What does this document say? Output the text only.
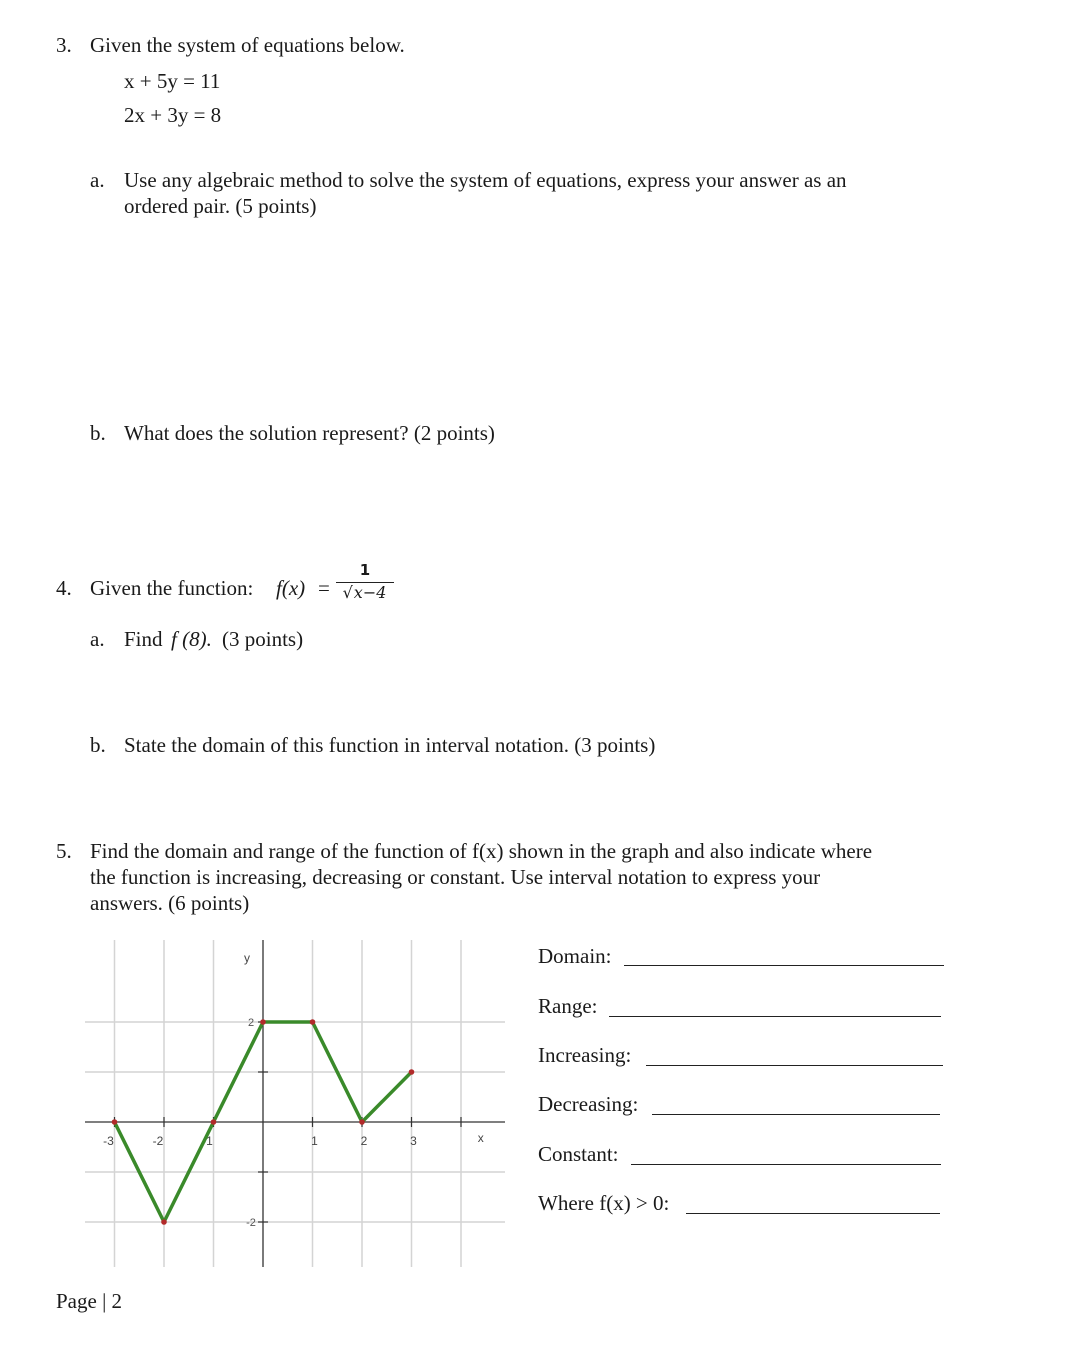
3. Given the system of equations below.
x + 5y = 11
2x + 3y = 8
a. Use any algebraic method to solve the system of equations, express your answer as an
ordered pair. (5 points)
b. What does the solution represent? (2 points)
4. Given the function: f(x) =
1
√x−4
a. Find f (8). (3 points)
b. State the domain of this function in interval notation. (3 points)
5. Find the domain and range of the function of f(x) shown in the graph and also indicate where
the function is increasing, decreasing or constant. Use interval notation to express your
answers. (6 points)
-3	-2	-1	1	2	3
2
-2
x
y	Domain:
Range:
Increasing:
Decreasing:
Constant:
Where f(x) > 0:
Page | 2
